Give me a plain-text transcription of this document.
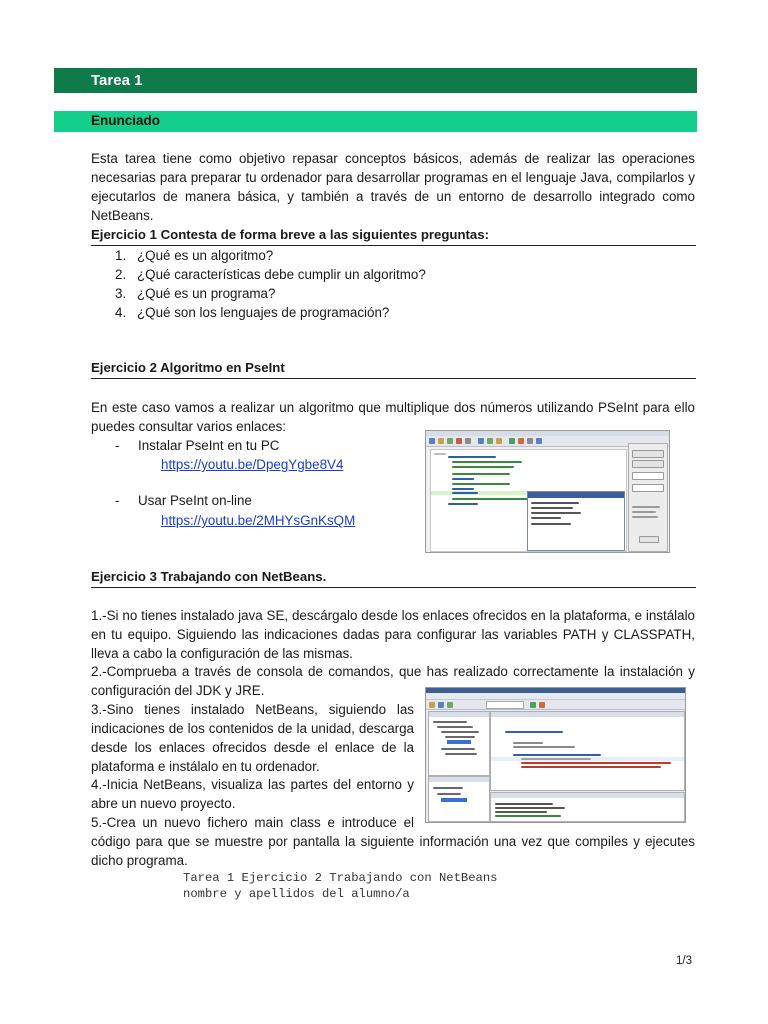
Tarea 1
Enunciado
Esta tarea tiene como objetivo repasar conceptos básicos, además de realizar las operaciones necesarias para preparar tu ordenador para desarrollar programas en el lenguaje Java, compilarlos y ejecutarlos de manera básica, y también a través de un entorno de desarrollo integrado como NetBeans.
Ejercicio 1 Contesta de forma breve a las siguientes preguntas:
1. ¿Qué es un algoritmo?
2. ¿Qué características debe cumplir un algoritmo?
3. ¿Qué es un programa?
4. ¿Qué son los lenguajes de programación?
Ejercicio 2 Algoritmo en PseInt
En este caso vamos a realizar un algoritmo que multiplique dos números utilizando PSeInt para ello puedes consultar varios enlaces:
- Instalar PseInt en tu PC
https://youtu.be/DpegYgbe8V4
- Usar PseInt on-line
https://youtu.be/2MHYsGnKsQM
Ejercicio 3 Trabajando con NetBeans.
1.-Si no tienes instalado java SE, descárgalo desde los enlaces ofrecidos en la plataforma, e instálalo en tu equipo. Siguiendo las indicaciones dadas para configurar las variables PATH y CLASSPATH, lleva a cabo la configuración de las mismas.
2.-Comprueba a través de consola de comandos, que has realizado correctamente la instalación y configuración del JDK y JRE.
3.-Sino tienes instalado NetBeans, siguiendo las indicaciones de los contenidos de la unidad, descarga desde los enlaces ofrecidos desde el enlace de la plataforma e instálalo en tu ordenador.
4.-Inicia NetBeans, visualiza las partes del entorno y abre un nuevo proyecto.
5.-Crea un nuevo fichero main class e introduce el
código para que se muestre por pantalla la siguiente información una vez que compiles y ejecutes dicho programa.
Tarea 1 Ejercicio 2 Trabajando con NetBeans
nombre y apellidos del alumno/a
1/3
